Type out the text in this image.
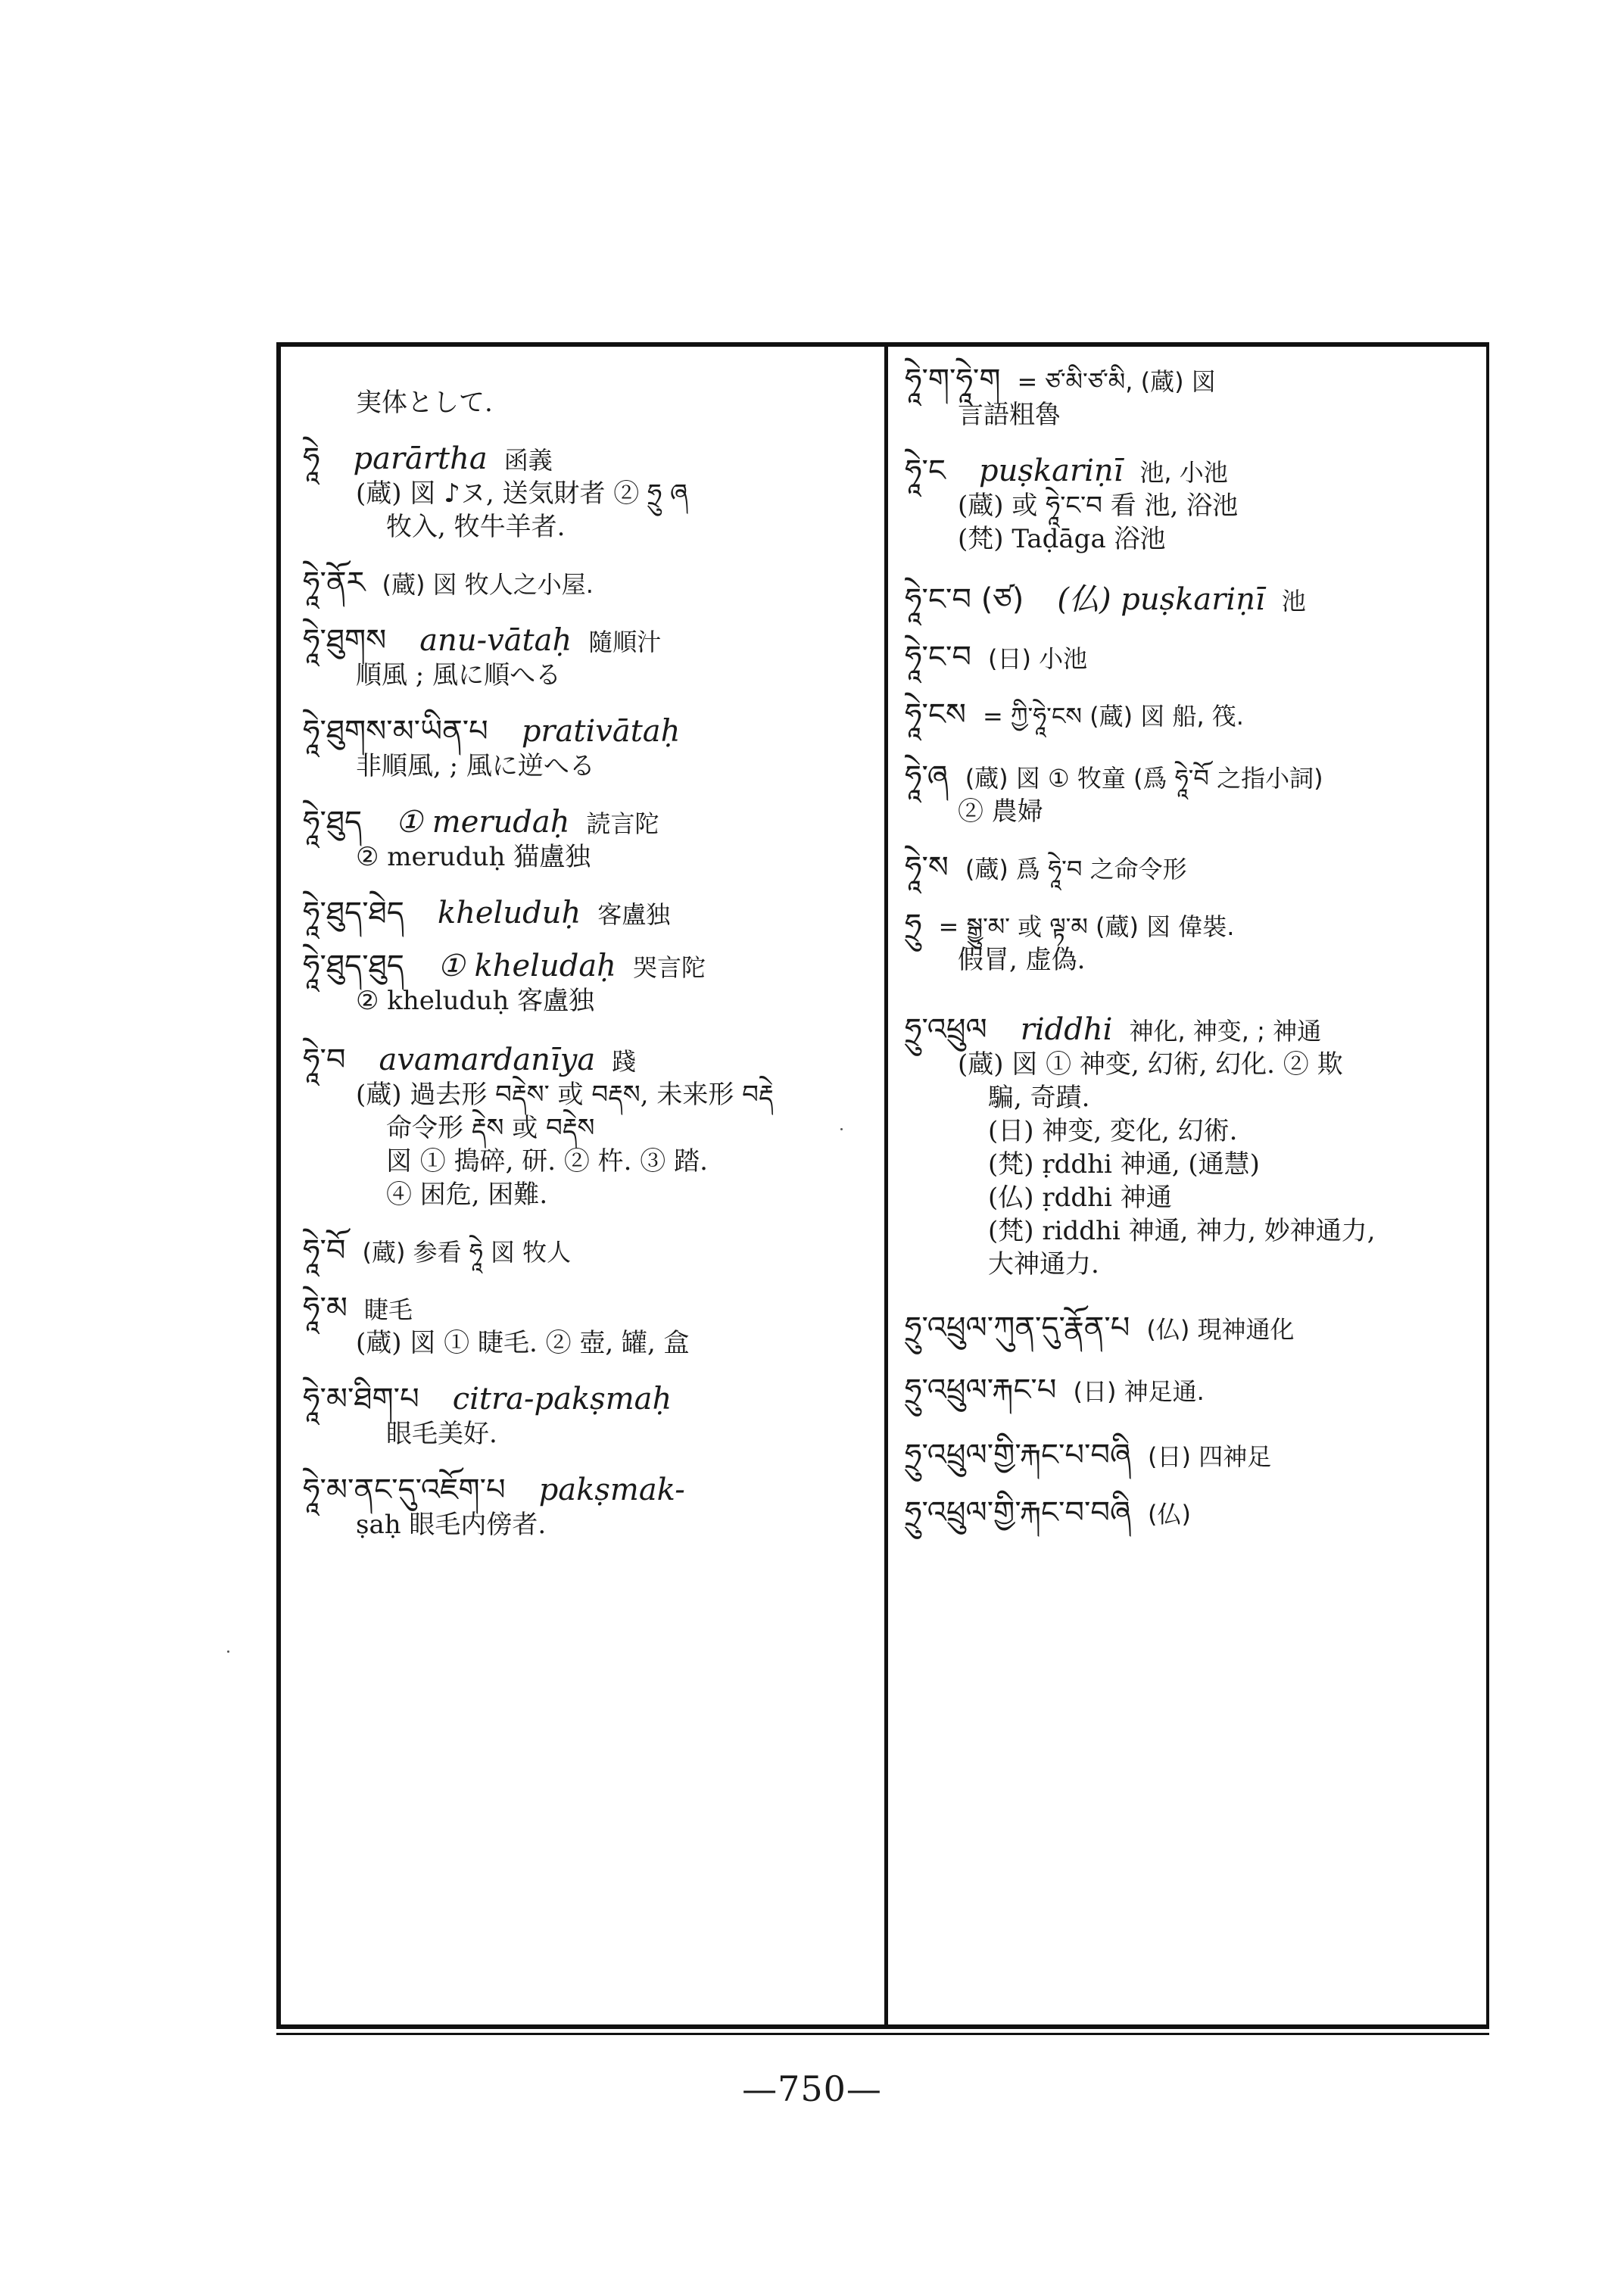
実体として.
ཧཱེ parārtha 函義
(蔵) 図 ♪ヌ, 送気財者 ② ཧྲུ ཞ
牧入, 牧牛羊者.
ཧཱེ་ནོར (蔵) 図 牧人之小屋.
ཧཱེ་ཐུགས anu-vātaḥ 隨順汁
順風 ; 風に順へる
ཧཱེ་ཐུགས་མ་ཡིན་པ prativātaḥ
非順風, ; 風に逆へる
ཧཱེ་ཐུད ① merudaḥ 読言陀
② meruduḥ 猫盧独
ཧཱེ་ཐུད་ཐེད kheluduḥ 客盧独
ཧཱེ་ཐུད་ཐུད ① kheludaḥ 哭言陀
② kheluduḥ 客盧独
ཧཱེ་བ avamardanīya 踐
(蔵) 過去形 བརྡེས་ 或 བརྡས, 未来形 བརྡེ
命令形 རྡེས 或 བརྡེས
図 ① 搗碎, 研. ② 杵. ③ 踏.
④ 困危, 困難.
ཧཱེ་བོ (蔵) 参看 ཧཱེ 図 牧人
ཧཱེ་མ 睫毛
(蔵) 図 ① 睫毛. ② 壺, 罐, 盒
ཧཱེ་མ་ཐིག་པ citra-pakṣmaḥ
眼毛美好.
ཧཱེ་མ་ནང་དུ་འཇོག་པ pakṣmak-
ṣaḥ 眼毛内傍者.
ཧཱེ་ག་ཧཱེ་ག = ཙ་མི་ཙ་མི, (蔵) 図
言語粗魯
ཧཱེ་ང puṣkariṇī 池, 小池
(蔵) 或 ཧཱེ་ང་བ 看 池, 浴池
(梵) Taḍāga 浴池
ཧཱེ་ང་བ (ཙ) (仏) puṣkariṇī 池
ཧཱེ་ང་བ (日) 小池
ཧཱེ་ངས = ཀྱི་ཧཱེ་ངས (蔵) 図 船, 筏.
ཧཱེ་ཞ (蔵) 図 ① 牧童 (爲 ཧཱེ་བོ 之指小詞)
② 農婦
ཧཱེ་ས (蔵) 爲 ཧཱེ་བ 之命令形
ཧྲུ = སྒྱུ་མ་ 或 ལྟ་མ (蔵) 図 偉裝.
假冒, 虚偽.
ཧྲུ་འཕྲུལ riddhi 神化, 神变, ; 神通
(蔵) 図 ① 神变, 幻術, 幻化. ② 欺
騙, 奇蹟.
(日) 神变, 変化, 幻術.
(梵) ṛddhi 神通, (通慧)
(仏) ṛddhi 神通
(梵) riddhi 神通, 神力, 妙神通力,
大神通力.
ཧྲུ་འཕྲུལ་ཀུན་དུ་རྣོན་པ (仏) 現神通化
ཧྲུ་འཕྲུལ་རྐང་པ (日) 神足通.
ཧྲུ་འཕྲུལ་གྱི་རྐང་པ་བཞི (日) 四神足
ཧྲུ་འཕྲུལ་གྱི་རྐང་བ་བཞི (仏)
—750—
